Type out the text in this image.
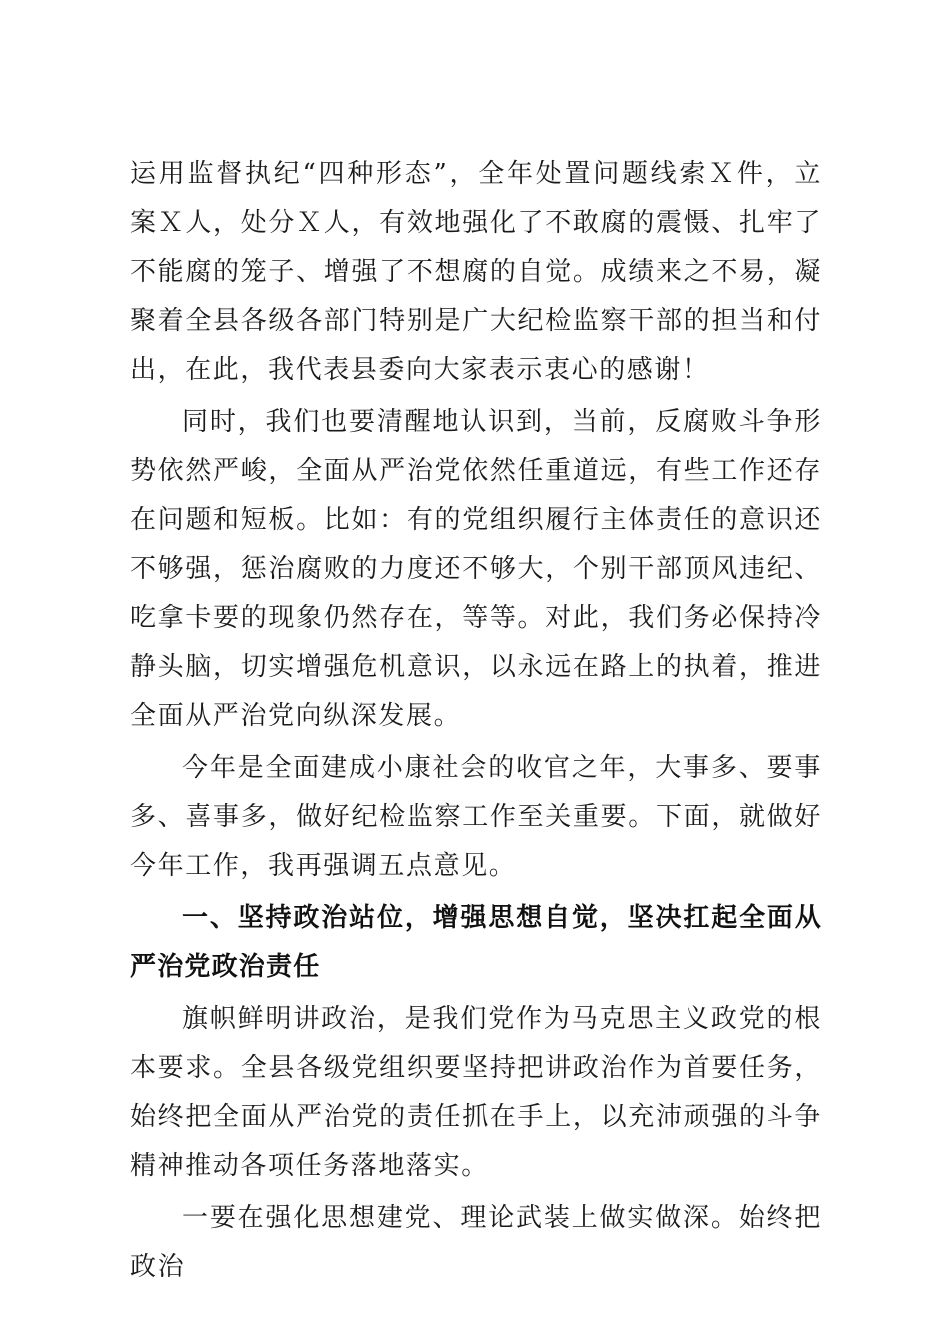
运用监督执纪“四种形态”，全年处置问题线索Ｘ件，立案Ｘ人，处分Ｘ人，有效地强化了不敢腐的震慑、扎牢了不能腐的笼子、增强了不想腐的自觉。成绩来之不易，凝聚着全县各级各部门特别是广大纪检监察干部的担当和付出，在此，我代表县委向大家表示衷心的感谢！

同时，我们也要清醒地认识到，当前，反腐败斗争形势依然严峻，全面从严治党依然任重道远，有些工作还存在问题和短板。比如：有的党组织履行主体责任的意识还不够强，惩治腐败的力度还不够大，个别干部顶风违纪、吃拿卡要的现象仍然存在，等等。对此，我们务必保持冷静头脑，切实增强危机意识，以永远在路上的执着，推进全面从严治党向纵深发展。

今年是全面建成小康社会的收官之年，大事多、要事多、喜事多，做好纪检监察工作至关重要。下面，就做好今年工作，我再强调五点意见。

一、坚持政治站位，增强思想自觉，坚决扛起全面从严治党政治责任

旗帜鲜明讲政治，是我们党作为马克思主义政党的根本要求。全县各级党组织要坚持把讲政治作为首要任务，始终把全面从严治党的责任抓在手上，以充沛顽强的斗争精神推动各项任务落地落实。

一要在强化思想建党、理论武装上做实做深。始终把政治
